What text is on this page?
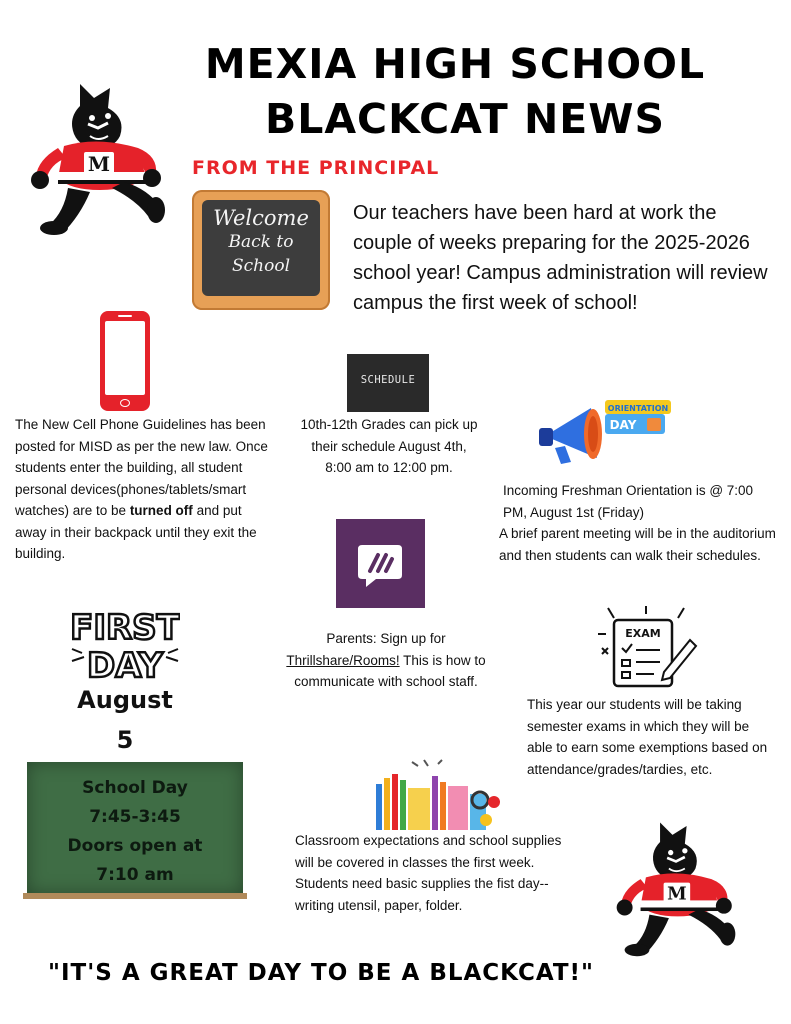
MEXIA HIGH SCHOOL
BLACKCAT NEWS
FROM THE PRINCIPAL
M
Welcome
Back to
School
Our teachers have been hard at work the couple of weeks preparing for the 2025-2026 school year! Campus administration will review campus the first week of school!
The New Cell Phone Guidelines has been posted for MISD as per the new law. Once students enter the building, all student personal devices(phones/tablets/smart watches) are to be turned off and put away in their backpack until they exit the building.
SCHEDULE
10th-12th Grades can pick up their schedule August 4th, 8:00 am to 12:00 pm.
ORIENTATION
DAY
Incoming Freshman Orientation is @ 7:00 PM, August 1st (Friday)
A brief parent meeting will be in the auditorium and then students can walk their schedules.
Parents: Sign up for Thrillshare/Rooms! This is how to communicate with school staff.
FIRST
DAY
August
5
EXAM
This year our students will be taking semester exams in which they will be able to earn some exemptions based on attendance/grades/tardies, etc.
School Day
7:45-3:45
Doors open at
7:10 am
Classroom expectations and school supplies will be covered in classes the first week. Students need basic supplies the fist day--writing utensil, paper, folder.
M
"IT'S A GREAT DAY TO BE A BLACKCAT!"
